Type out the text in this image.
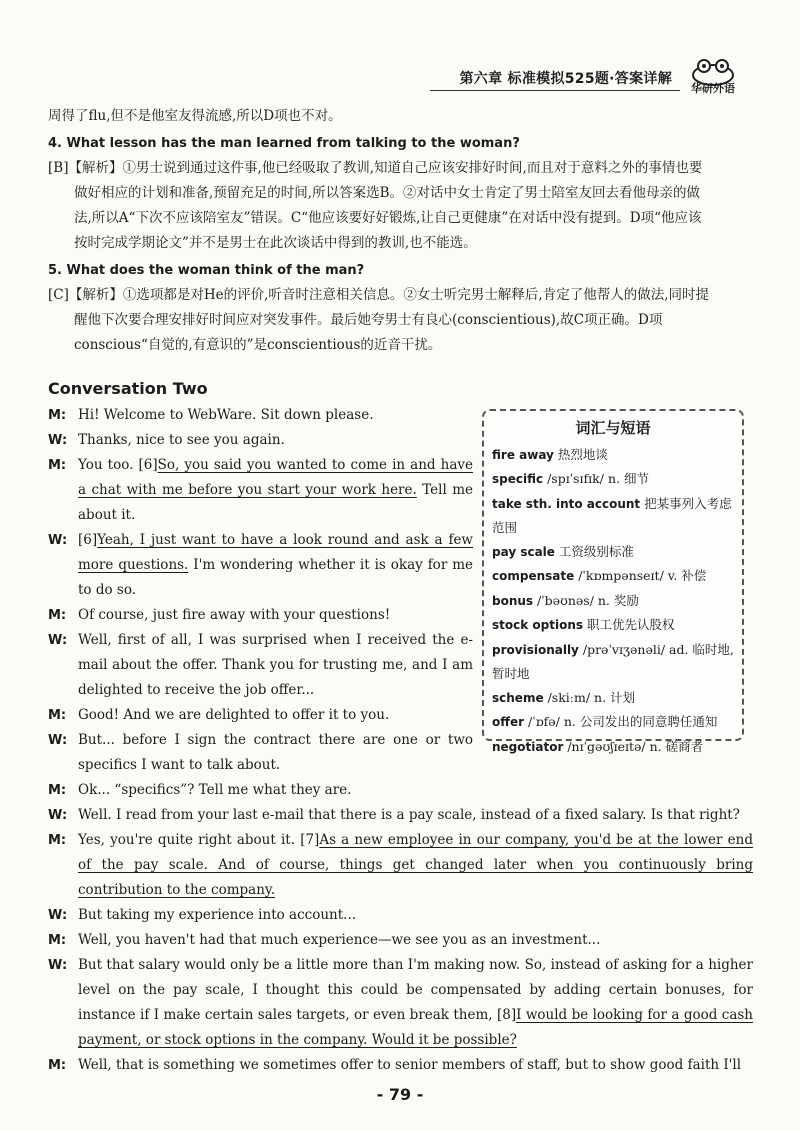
第六章 标准模拟525题·答案详解
华研外语

周得了flu,但不是他室友得流感,所以D项也不对。

4. What lesson has the man learned from talking to the woman?

[B]【解析】①男士说到通过这件事,他已经吸取了教训,知道自己应该安排好时间,而且对于意料之外的事情也要

做好相应的计划和准备,预留充足的时间,所以答案选B。②对话中女士肯定了男士陪室友回去看他母亲的做

法,所以A“下次不应该陪室友”错误。C“他应该要好好锻炼,让自己更健康”在对话中没有提到。D项“他应该

按时完成学期论文”并不是男士在此次谈话中得到的教训,也不能选。

5. What does the woman think of the man?

[C]【解析】①选项都是对He的评价,听音时注意相关信息。②女士听完男士解释后,肯定了他帮人的做法,同时提

醒他下次要合理安排好时间应对突发事件。最后她夸男士有良心(conscientious),故C项正确。D项

conscious“自觉的,有意识的”是conscientious的近音干扰。

Conversation Two
M: Hi! Welcome to WebWare. Sit down please.
W: Thanks, nice to see you again.
M: You too. [6]So, you said you wanted to come in and have a chat with me before you start your work here. Tell me about it.
W: [6]Yeah, I just want to have a look round and ask a few more questions. I'm wondering whether it is okay for me to do so.
M: Of course, just fire away with your questions!
W: Well, first of all, I was surprised when I received the e-mail about the offer. Thank you for trusting me, and I am delighted to receive the job offer...
M: Good! And we are delighted to offer it to you.
W: But... before I sign the contract there are one or two specifics I want to talk about.
M: Ok... “specifics”? Tell me what they are.
W: Well. I read from your last e-mail that there is a pay scale, instead of a fixed salary. Is that right?
M: Yes, you're quite right about it. [7]As a new employee in our company, you'd be at the lower end of the pay scale. And of course, things get changed later when you continuously bring contribution to the company.
W: But taking my experience into account...
M: Well, you haven't had that much experience—we see you as an investment...
W: But that salary would only be a little more than I'm making now. So, instead of asking for a higher level on the pay scale, I thought this could be compensated by adding certain bonuses, for instance if I make certain sales targets, or even break them, [8]I would be looking for a good cash payment, or stock options in the company. Would it be possible?
M: Well, that is something we sometimes offer to senior members of staff, but to show good faith I'll
词汇与短语
fire away 热烈地谈
specific /spɪˈsɪfɪk/ n. 细节
take sth. into account 把某事列入考虑范围
pay scale 工资级别标准
compensate /ˈkɒmpənseɪt/ v. 补偿
bonus /ˈbəʊnəs/ n. 奖励
stock options 职工优先认股权
provisionally /prəˈvɪʒənəli/ ad. 临时地,暂时地
scheme /skiːm/ n. 计划
offer /ˈɒfə/ n. 公司发出的同意聘任通知
negotiator /nɪˈgəʊʃɪeɪtə/ n. 磋商者
- 79 -
